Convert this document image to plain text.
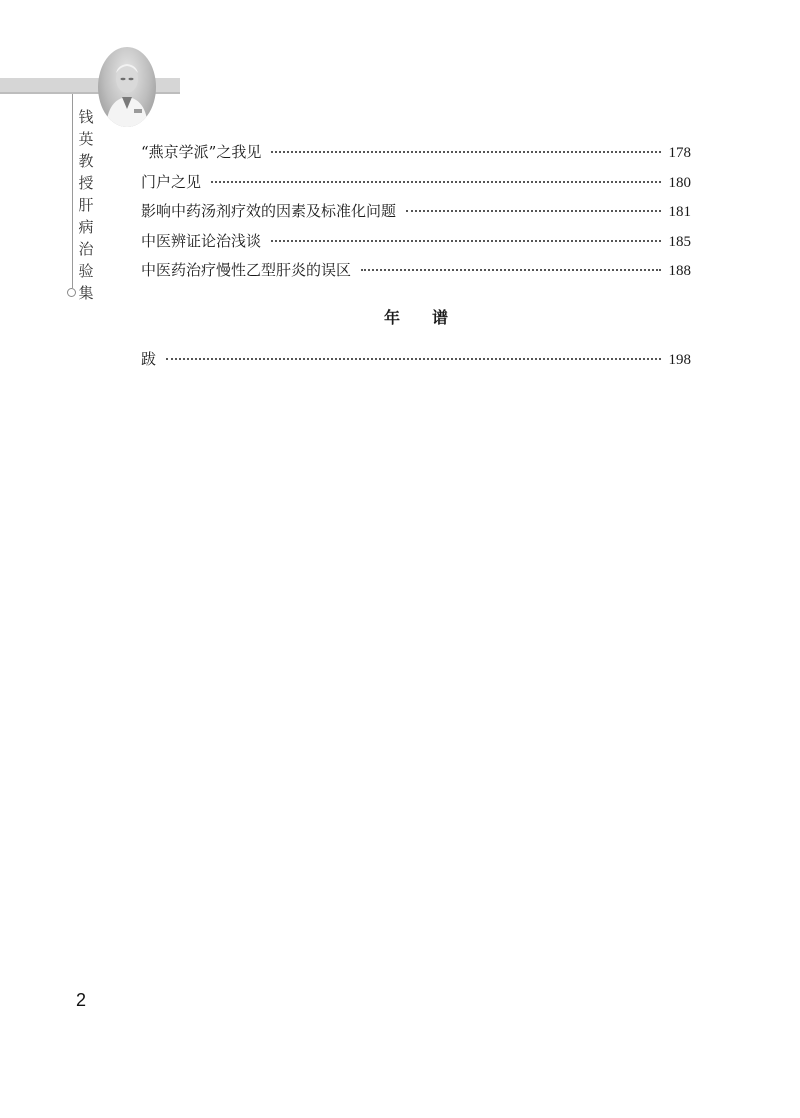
钱英教授肝病治验集
“燕京学派”之我见	178
门户之见	180
影响中药汤剂疗效的因素及标准化问题	181
中医辨证论治浅谈	185
中医药治疗慢性乙型肝炎的误区	188
年谱
跋	198
2
